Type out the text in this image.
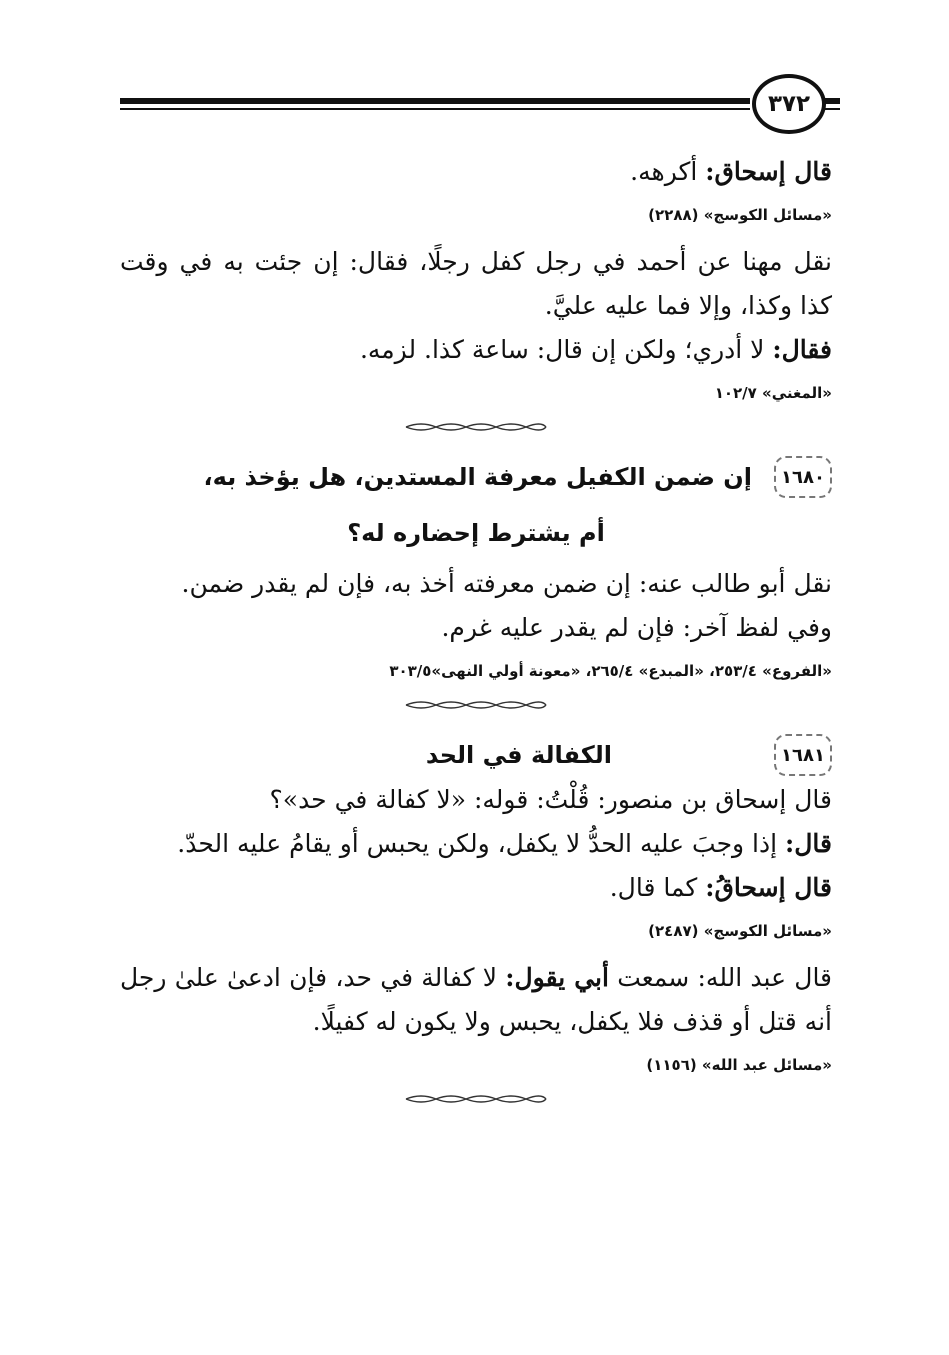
٣٧٢

قال إسحاق: أكرهه.

«مسائل الكوسج» (٢٢٨٨)

نقل مهنا عن أحمد في رجل كفل رجلًا، فقال: إن جئت به في وقت كذا وكذا، وإلا فما عليه عليَّ.

فقال: لا أدري؛ ولكن إن قال: ساعة كذا. لزمه.

«المغني» ١٠٢/٧

١٦٨٠
إن ضمن الكفيل معرفة المستدين، هل يؤخذ به،
أم يشترط إحضاره له؟

نقل أبو طالب عنه: إن ضمن معرفته أخذ به، فإن لم يقدر ضمن.

وفي لفظ آخر: فإن لم يقدر عليه غرم.

«الفروع» ٢٥٣/٤، «المبدع» ٢٦٥/٤، «معونة أولي النهى»٣٠٣/٥

١٦٨١
الكفالة في الحد

قال إسحاق بن منصور: قُلْتُ: قوله: «لا كفالة في حد»؟

قال: إذا وجبَ عليه الحدُّ لا يكفل، ولكن يحبس أو يقامُ عليه الحدّ.

قال إسحاقُ: كما قال.

«مسائل الكوسج» (٢٤٨٧)

قال عبد الله: سمعت أبي يقول: لا كفالة في حد، فإن ادعىٰ علىٰ رجل أنه قتل أو قذف فلا يكفل، يحبس ولا يكون له كفيلًا.

«مسائل عبد الله» (١١٥٦)
